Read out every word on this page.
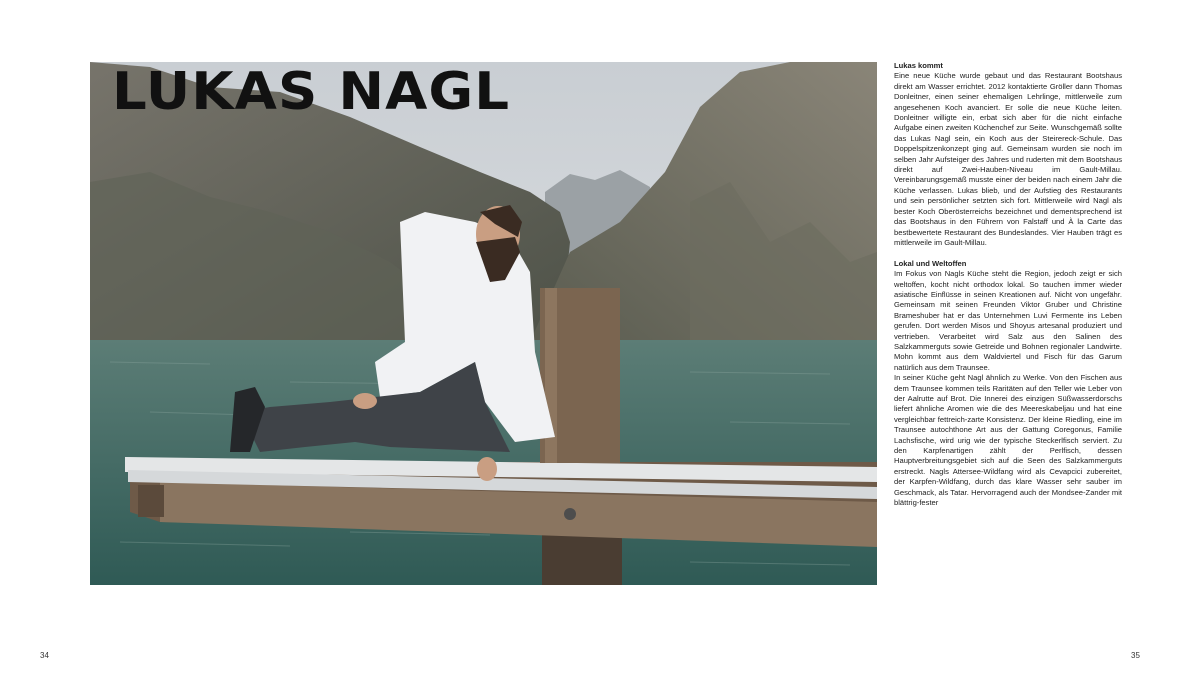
LUKAS NAGL	Lukas kommt

Eine neue Küche wurde gebaut und das Restaurant Bootshaus direkt am Wasser errichtet. 2012 kontaktierte Gröller dann Thomas Donleitner, einen seiner ehemaligen Lehrlinge, mittlerweile zum angesehenen Koch avanciert. Er solle die neue Küche leiten. Donleitner willigte ein, erbat sich aber für die nicht einfache Aufgabe einen zweiten Küchenchef zur Seite. Wunschgemäß sollte das Lukas Nagl sein, ein Koch aus der Steirereck-Schule. Das Doppelspitzenkonzept ging auf. Gemeinsam wurden sie noch im selben Jahr Aufsteiger des Jahres und ruderten mit dem Bootshaus direkt auf Zwei-Hauben-Niveau im Gault-Millau. Vereinbarungsgemäß musste einer der beiden nach einem Jahr die Küche verlassen. Lukas blieb, und der Aufstieg des Restaurants und sein persönlicher setzten sich fort. Mittlerweile wird Nagl als bester Koch Oberösterreichs bezeichnet und dementsprechend ist das Bootshaus in den Führern von Falstaff und À la Carte das bestbewertete Restaurant des Bundeslandes. Vier Hauben trägt es mittlerweile im Gault-Millau.

Lokal und Weltoffen

Im Fokus von Nagls Küche steht die Region, jedoch zeigt er sich weltoffen, kocht nicht orthodox lokal. So tauchen immer wieder asiatische Einflüsse in seinen Kreationen auf. Nicht von ungefähr. Gemeinsam mit seinen Freunden Viktor Gruber und Christine Brameshuber hat er das Unternehmen Luvi Fermente ins Leben gerufen. Dort werden Misos und Shoyus artesanal produziert und vertrieben. Verarbeitet wird Salz aus den Salinen des Salzkammerguts sowie Getreide und Bohnen regionaler Landwirte. Mohn kommt aus dem Waldviertel und Fisch für das Garum natürlich aus dem Traunsee.

In seiner Küche geht Nagl ähnlich zu Werke. Von den Fischen aus dem Traunsee kommen teils Raritäten auf den Teller wie Leber von der Aalrutte auf Brot. Die Innerei des einzigen Süßwasserdorschs liefert ähnliche Aromen wie die des Meereskabeljau und hat eine vergleichbar fettreich-zarte Konsistenz. Der kleine Riedling, eine im Traunsee autochthone Art aus der Gattung Coregonus, Familie Lachsfische, wird urig wie der typische Steckerlfisch serviert. Zu den Karpfenartigen zählt der Perlfisch, dessen Hauptverbreitungsgebiet sich auf die Seen des Salzkammerguts erstreckt. Nagls Attersee-Wildfang wird als Cevapcici zubereitet, der Karpfen-Wildfang, durch das klare Wasser sehr sauber im Geschmack, als Tatar. Hervorragend auch der Mondsee-Zander mit blättrig-fester

34	35
